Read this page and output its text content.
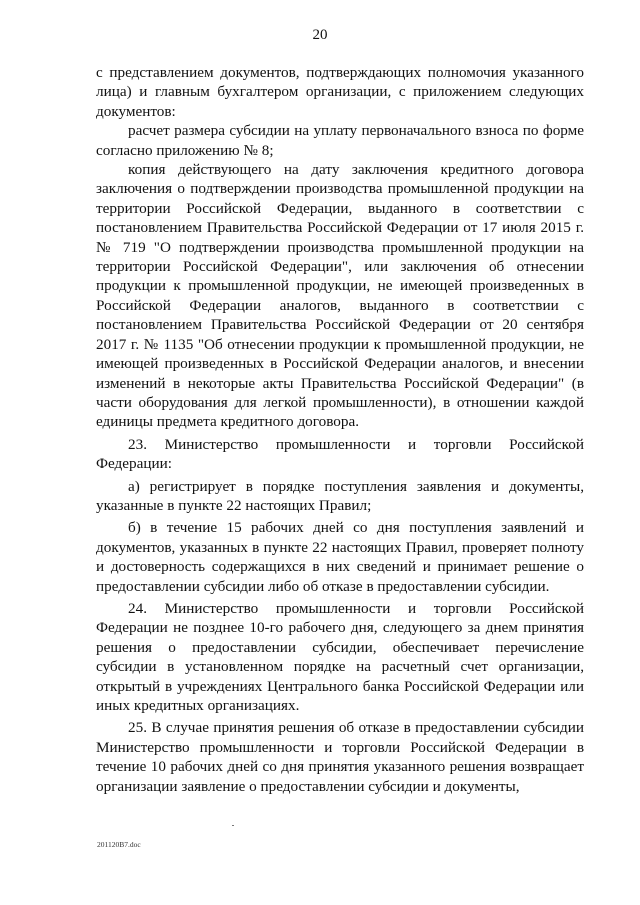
20

с представлением документов, подтверждающих полномочия указанного лица) и главным бухгалтером организации, с приложением следующих документов:

расчет размера субсидии на уплату первоначального взноса по форме согласно приложению № 8;

копия действующего на дату заключения кредитного договора заключения о подтверждении производства промышленной продукции на территории Российской Федерации, выданного в соответствии с постановлением Правительства Российской Федерации от 17 июля 2015 г. № 719 "О подтверждении производства промышленной продукции на территории Российской Федерации", или заключения об отнесении продукции к промышленной продукции, не имеющей произведенных в Российской Федерации аналогов, выданного в соответствии с постановлением Правительства Российской Федерации от 20 сентября 2017 г. № 1135 "Об отнесении продукции к промышленной продукции, не имеющей произведенных в Российской Федерации аналогов, и внесении изменений в некоторые акты Правительства Российской Федерации" (в части оборудования для легкой промышленности), в отношении каждой единицы предмета кредитного договора.

23. Министерство промышленности и торговли Российской Федерации:

а) регистрирует в порядке поступления заявления и документы, указанные в пункте 22 настоящих Правил;

б) в течение 15 рабочих дней со дня поступления заявлений и документов, указанных в пункте 22 настоящих Правил, проверяет полноту и достоверность содержащихся в них сведений и принимает решение о предоставлении субсидии либо об отказе в предоставлении субсидии.

24. Министерство промышленности и торговли Российской Федерации не позднее 10-го рабочего дня, следующего за днем принятия решения о предоставлении субсидии, обеспечивает перечисление субсидии в установленном порядке на расчетный счет организации, открытый в учреждениях Центрального банка Российской Федерации или иных кредитных организациях.

25. В случае принятия решения об отказе в предоставлении субсидии Министерство промышленности и торговли Российской Федерации в течение 10 рабочих дней со дня принятия указанного решения возвращает организации заявление о предоставлении субсидии и документы,

201120В7.doc
